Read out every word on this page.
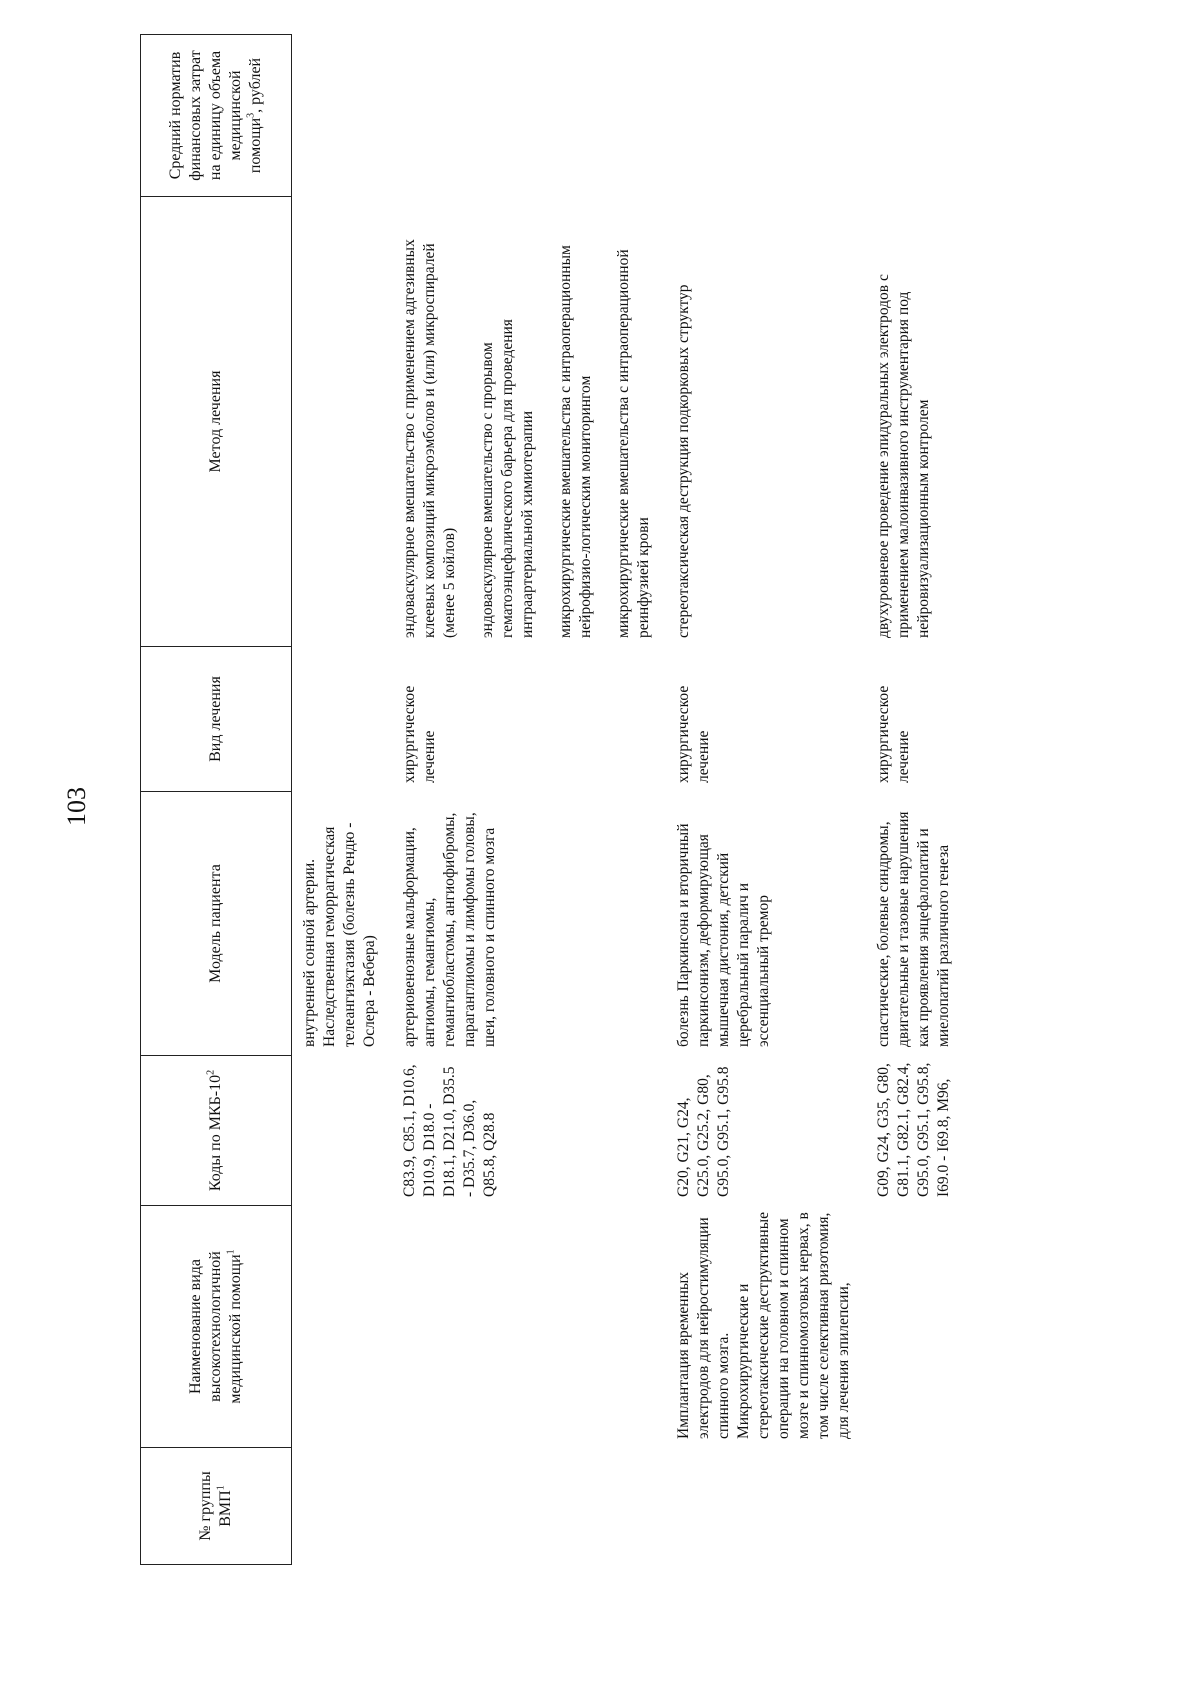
103
№ группы ВМП$^1$	Наименование вида высокотехнологичной медицинской помощи$^1$	Коды по МКБ-$10^2$	Модель пациента	Вид лечения	Метод лечения	Средний норматив финансовых затрат на единицу объема медицинской помощи$^3$, рублей
			внутренней сонной артерии. Наследственная геморрагическая телеангиэктазия (болезнь Рендю - Ослера - Вебера)			
		C83.9, C85.1, D10.6, D10.9, D18.0 - D18.1, D21.0, D35.5 - D35.7, D36.0, Q85.8, Q28.8	артериовенозные мальформации, ангиомы, гемангиомы, гемангиобластомы, ангиофибромы, параганглиомы и лимфомы головы, шеи, головного и спинного мозга	хирургическое лечение	эндоваскулярное вмешательство с применением адгезивных клеевых композиций микроэмболов и (или) микроспиралей (менее 5 койлов) эндоваскулярное вмешательство с прорывом гематоэнцефалического барьера для проведения интраартериальной химиотерапии микрохирургические вмешательства с интраоперационным нейрофизио-логическим мониторингом микрохирургические вмешательства с интраоперационной реинфузией крови	

	Имплантация временных электродов для нейростимуляции спинного мозга. Микрохирургические и стереотаксические деструктивные операции на головном и спинном мозге и спинномозговых нервах, в том числе селективная ризотомия, для лечения эпилепсии,	G20, G21, G24, G25.0, G25.2, G80, G95.0, G95.1, G95.8	болезнь Паркинсона и вторичный паркинсонизм, деформирующая мышечная дистония, детский церебральный паралич и эссенциальный тремор	хирургическое лечение	стереотаксическая деструкция подкорковых структур	

		G09, G24, G35, G80, G81.1, G82.1, G82.4, G95.0, G95.1, G95.8, I69.0 - I69.8, M96,	спастические, болевые синдромы, двигательные и тазовые нарушения как проявления энцефалопатий и миелопатий различного генеза	хирургическое лечение	двухуровневое проведение эпидуральных электродов с применением малоинвазивного инструментария под нейровизуализационным контролем	
